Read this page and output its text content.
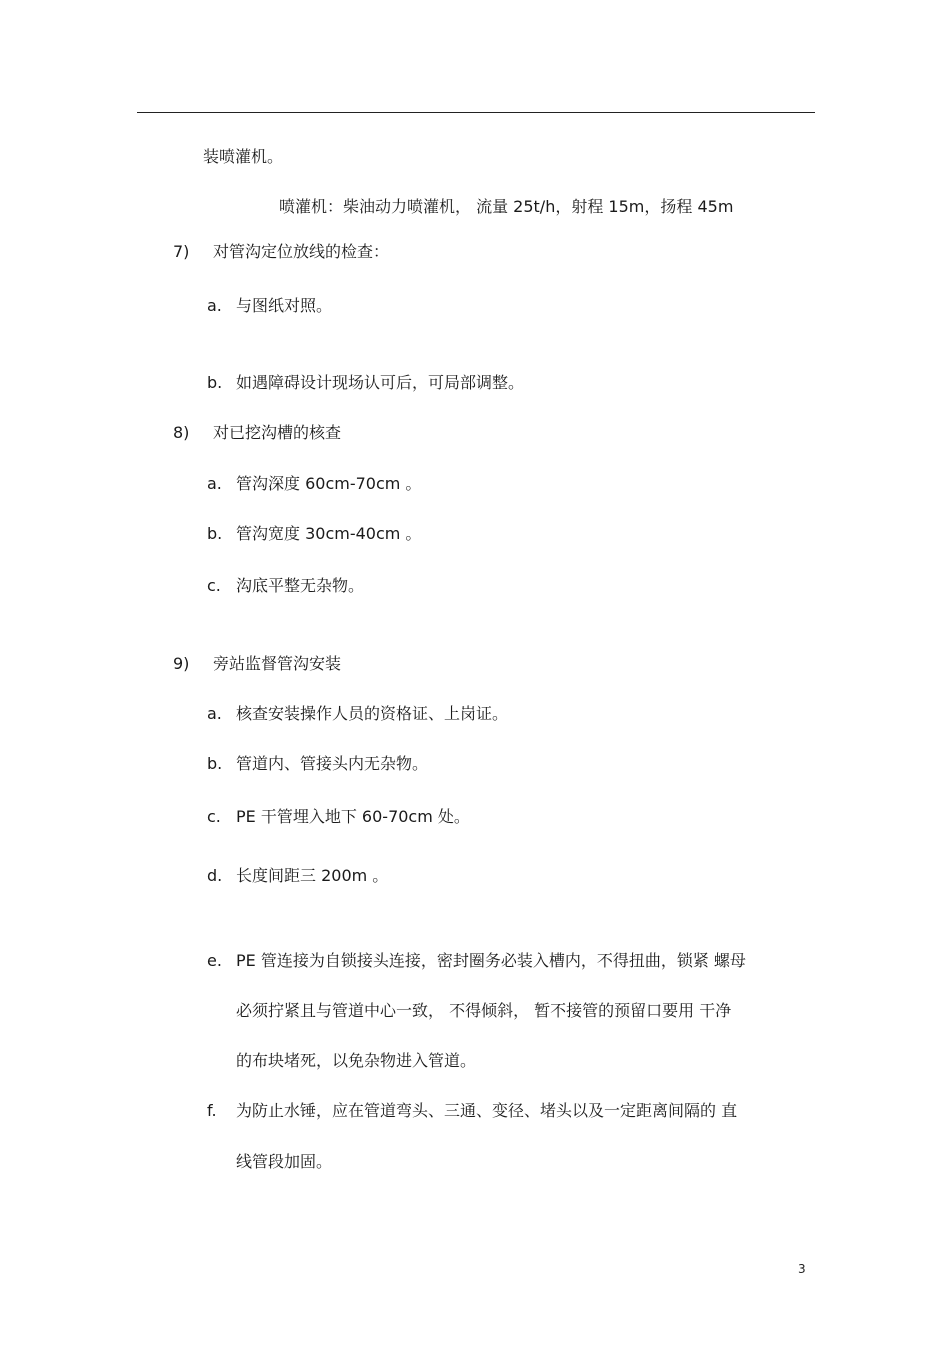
装喷灌机。
喷灌机：柴油动力喷灌机， 流量 25t/h，射程 15m，扬程 45m
7) 对管沟定位放线的检查：
a. 与图纸对照。
b. 如遇障碍设计现场认可后，可局部调整。
8) 对已挖沟槽的核查
a. 管沟深度 60cm-70cm 。
b. 管沟宽度 30cm-40cm 。
c. 沟底平整无杂物。
9) 旁站监督管沟安装
a. 核查安装操作人员的资格证、上岗证。
b. 管道内、管接头内无杂物。
c. PE 干管埋入地下 60-70cm 处。
d. 长度间距三 200m 。
e. PE 管连接为自锁接头连接，密封圈务必装入槽内，不得扭曲，锁紧 螺母
必须拧紧且与管道中心一致， 不得倾斜， 暂不接管的预留口要用 干净
的布块堵死，以免杂物进入管道。
f. 为防止水锤，应在管道弯头、三通、变径、堵头以及一定距离间隔的 直
线管段加固。
3
